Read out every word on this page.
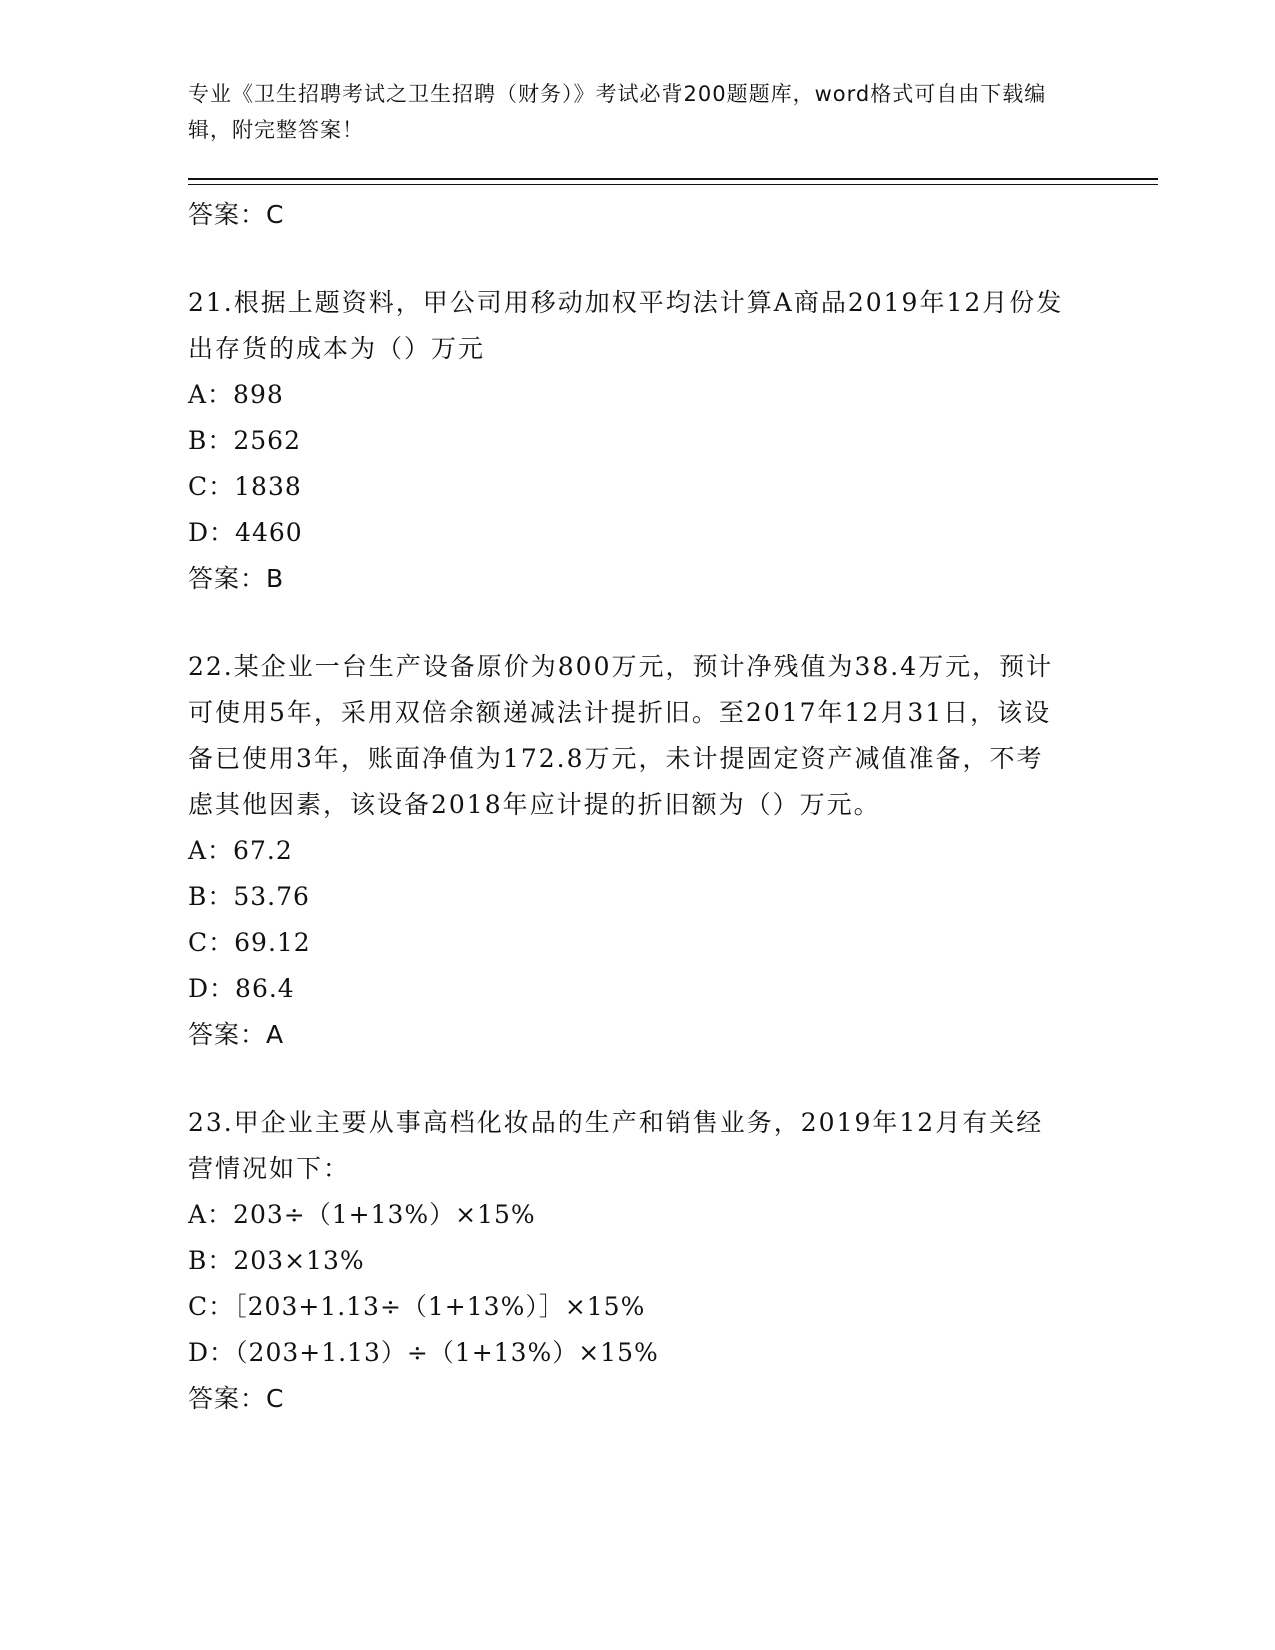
专业《卫生招聘考试之卫生招聘（财务）》考试必背200题题库，word格式可自由下载编辑，附完整答案！
答案：C
21.根据上题资料，甲公司用移动加权平均法计算A商品2019年12月份发出存货的成本为（）万元
A：898
B：2562
C：1838
D：4460
答案：B
22.某企业一台生产设备原价为800万元，预计净残值为38.4万元，预计可使用5年，采用双倍余额递减法计提折旧。至2017年12月31日，该设备已使用3年，账面净值为172.8万元，未计提固定资产减值准备，不考虑其他因素，该设备2018年应计提的折旧额为（）万元。
A：67.2
B：53.76
C：69.12
D：86.4
答案：A
23.甲企业主要从事高档化妆品的生产和销售业务，2019年12月有关经营情况如下：
A：203÷（1+13%）×15%
B：203×13%
C：［203+1.13÷（1+13%）］×15%
D：（203+1.13）÷（1+13%）×15%
答案：C
